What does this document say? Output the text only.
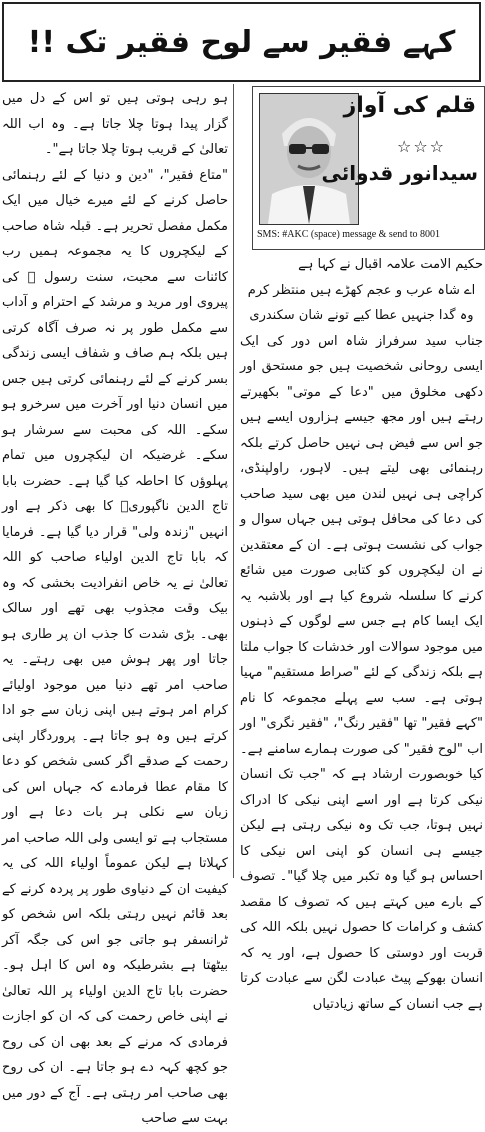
کہے فقیر سے لوح فقیر تک !!
قلم کی آواز
☆☆☆
سیدانور قدوائی
SMS: #AKC (space) message & send to 8001

حکیم الامت علامہ اقبال نے کہا ہے

اے شاہ عرب و عجم کھڑے ہیں منتظر کرم

وہ گدا جنہیں عطا کیے تونے شان سکندری

جناب سید سرفراز شاہ اس دور کی ایک ایسی روحانی شخصیت ہیں جو مستحق اور دکھی مخلوق میں "دعا کے موتی" بکھیرتے رہتے ہیں اور مجھ جیسے ہزاروں ایسے ہیں جو اس سے فیض ہی نہیں حاصل کرتے بلکہ رہنمائی بھی لیتے ہیں۔ لاہور، راولپنڈی، کراچی ہی نہیں لندن میں بھی سید صاحب کی دعا کی محافل ہوتی ہیں جہاں سوال و جواب کی نشست ہوتی ہے۔ ان کے معتقدین نے ان لیکچروں کو کتابی صورت میں شائع کرنے کا سلسلہ شروع کیا ہے اور بلاشبہ یہ ایک ایسا کام ہے جس سے لوگوں کے ذہنوں میں موجود سوالات اور خدشات کا جواب ملتا ہے بلکہ زندگی کے لئے "صراط مستقیم" مہیا ہوتی ہے۔ سب سے پہلے مجموعہ کا نام "کہے فقیر" تھا "فقیر رنگ"، "فقیر نگری" اور اب "لوح فقیر" کی صورت ہمارے سامنے ہے۔ کیا خوبصورت ارشاد ہے کہ "جب تک انسان نیکی کرتا ہے اور اسے اپنی نیکی کا ادراک نہیں ہوتا، جب تک وہ نیکی رہتی ہے لیکن جیسے ہی انسان کو اپنی اس نیکی کا احساس ہو گیا وہ تکبر میں چلا گیا"۔ تصوف کے بارے میں کہتے ہیں کہ تصوف کا مقصد کشف و کرامات کا حصول نہیں بلکہ اللہ کی قربت اور دوستی کا حصول ہے، اور یہ کہ انسان بھوکے پیٹ عبادت لگن سے عبادت کرتا ہے جب انسان کے ساتھ زیادتیاں

ہو رہی ہوتی ہیں تو اس کے دل میں گزار پیدا ہوتا چلا جاتا ہے۔ وہ اب اللہ تعالیٰ کے قریب ہوتا چلا جاتا ہے"۔

"متاع فقیر"، "دین و دنیا کے لئے رہنمائی حاصل کرنے کے لئے میرے خیال میں ایک مکمل مفصل تحریر ہے۔ قبلہ شاہ صاحب کے لیکچروں کا یہ مجموعہ ہمیں رب کائنات سے محبت، سنت رسول ﷺ کی پیروی اور مرید و مرشد کے احترام و آداب سے مکمل طور پر نہ صرف آگاہ کرتی ہیں بلکہ ہم صاف و شفاف ایسی زندگی بسر کرنے کے لئے رہنمائی کرتی ہیں جس میں انسان دنیا اور آخرت میں سرخرو ہو سکے۔ اللہ کی محبت سے سرشار ہو سکے۔ غرضیکہ ان لیکچروں میں تمام پہلوؤں کا احاطہ کیا گیا ہے۔ حضرت بابا تاج الدین ناگپوریؒ کا بھی ذکر ہے اور انہیں "زندہ ولی" قرار دیا گیا ہے۔ فرمایا کہ بابا تاج الدین اولیاء صاحب کو اللہ تعالیٰ نے یہ خاص انفرادیت بخشی کہ وہ بیک وقت مجذوب بھی تھے اور سالک بھی۔ بڑی شدت کا جذب ان پر طاری ہو جاتا اور پھر ہوش میں بھی رہتے۔ یہ صاحب امر تھے دنیا میں موجود اولیائے کرام امر ہوتے ہیں اپنی زبان سے جو ادا کرتے ہیں وہ ہو جاتا ہے۔ پروردگار اپنی رحمت کے صدقے اگر کسی شخص کو دعا کا مقام عطا فرمادے کہ جہاں اس کی زبان سے نکلی ہر بات دعا ہے اور مستجاب ہے تو ایسی ولی اللہ صاحب امر کہلاتا ہے لیکن عموماً اولیاء اللہ کی یہ کیفیت ان کے دنیاوی طور پر پردہ کرنے کے بعد قائم نہیں رہتی بلکہ اس شخص کو ٹرانسفر ہو جاتی جو اس کی جگہ آکر بیٹھتا ہے بشرطیکہ وہ اس کا اہل ہو۔ حضرت بابا تاج الدین اولیاء پر اللہ تعالیٰ نے اپنی خاص رحمت کی کہ ان کو اجازت فرمادی کہ مرنے کے بعد بھی ان کی روح جو کچھ کہہ دے ہو جاتا ہے۔ ان کی روح بھی صاحب امر رہتی ہے۔ آج کے دور میں بہت سے صاحب
